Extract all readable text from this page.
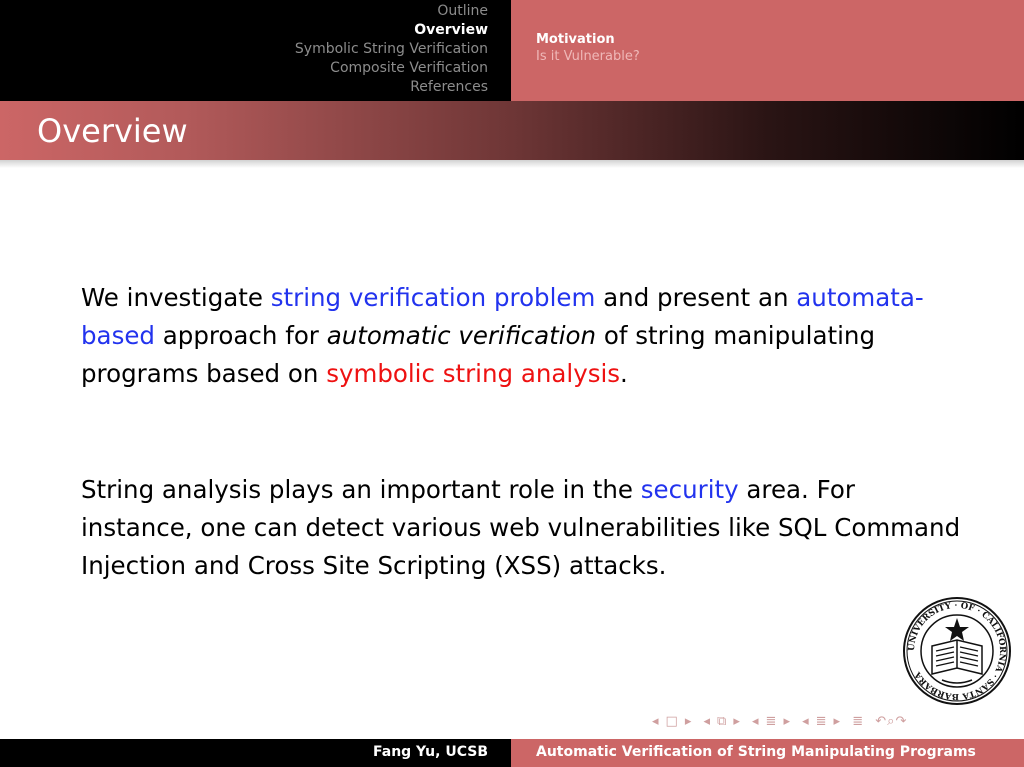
Outline
Overview
Symbolic String Verification
Composite Verification
References
Motivation
Is it Vulnerable?
Overview
We investigate string verification problem and present an automata-based approach for automatic verification of string manipulating programs based on symbolic string analysis.
String analysis plays an important role in the security area. For instance, one can detect various web vulnerabilities like SQL Command Injection and Cross Site Scripting (XSS) attacks.
UNIVERSITY · OF · CALIFORNIA · SANTA BARBARA
◂ □ ▸ ◂ ⧉ ▸ ◂ ≣ ▸ ◂ ≣ ▸ ≣ ↶⌕↷
Fang Yu, UCSB	Automatic Verification of String Manipulating Programs
